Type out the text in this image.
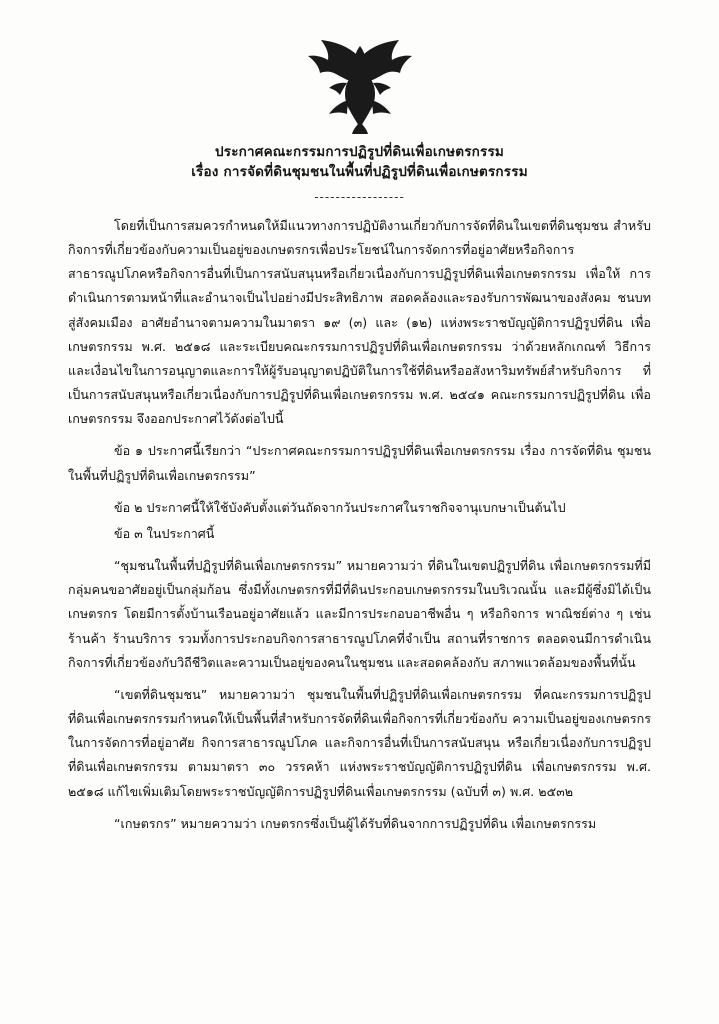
ประกาศคณะกรรมการปฏิรูปที่ดินเพื่อเกษตรกรรม
เรื่อง การจัดที่ดินชุมชนในพื้นที่ปฏิรูปที่ดินเพื่อเกษตรกรรม
-----------------

โดยที่เป็นการสมควรกำหนดให้มีแนวทางการปฏิบัติงานเกี่ยวกับการจัดที่ดินในเขตที่ดินชุมชน สำหรับกิจการที่เกี่ยวข้องกับความเป็นอยู่ของเกษตรกรเพื่อประโยชน์ในการจัดการที่อยู่อาศัยหรือกิจการ สาธารณูปโภคหรือกิจการอื่นที่เป็นการสนับสนุนหรือเกี่ยวเนื่องกับการปฏิรูปที่ดินเพื่อเกษตรกรรม เพื่อให้ การดำเนินการตามหน้าที่และอำนาจเป็นไปอย่างมีประสิทธิภาพ สอดคล้องและรองรับการพัฒนาของสังคม ชนบทสู่สังคมเมือง อาศัยอำนาจตามความในมาตรา ๑๙ (๓) และ (๑๒) แห่งพระราชบัญญัติการปฏิรูปที่ดิน เพื่อเกษตรกรรม พ.ศ. ๒๕๑๘ และระเบียบคณะกรรมการปฏิรูปที่ดินเพื่อเกษตรกรรม ว่าด้วยหลักเกณฑ์ วิธีการ และเงื่อนไขในการอนุญาตและการให้ผู้รับอนุญาตปฏิบัติในการใช้ที่ดินหรืออสังหาริมทรัพย์สำหรับกิจการ ที่เป็นการสนับสนุนหรือเกี่ยวเนื่องกับการปฏิรูปที่ดินเพื่อเกษตรกรรม พ.ศ. ๒๕๔๑ คณะกรรมการปฏิรูปที่ดิน เพื่อเกษตรกรรม จึงออกประกาศไว้ดังต่อไปนี้

ข้อ ๑ ประกาศนี้เรียกว่า “ประกาศคณะกรรมการปฏิรูปที่ดินเพื่อเกษตรกรรม เรื่อง การจัดที่ดิน ชุมชนในพื้นที่ปฏิรูปที่ดินเพื่อเกษตรกรรม”

ข้อ ๒ ประกาศนี้ให้ใช้บังคับตั้งแต่วันถัดจากวันประกาศในราชกิจจานุเบกษาเป็นต้นไป

ข้อ ๓ ในประกาศนี้

“ชุมชนในพื้นที่ปฏิรูปที่ดินเพื่อเกษตรกรรม” หมายความว่า ที่ดินในเขตปฏิรูปที่ดิน เพื่อเกษตรกรรมที่มีกลุ่มคนขอาศัยอยู่เป็นกลุ่มก้อน ซึ่งมีทั้งเกษตรกรที่มีที่ดินประกอบเกษตรกรรมในบริเวณนั้น และมีผู้ซึ่งมิได้เป็นเกษตรกร โดยมีการตั้งบ้านเรือนอยู่อาศัยแล้ว และมีการประกอบอาชีพอื่น ๆ หรือกิจการ พาณิชย์ต่าง ๆ เช่น ร้านค้า ร้านบริการ รวมทั้งการประกอบกิจการสาธารณูปโภคที่จำเป็น สถานที่ราชการ ตลอดจนมีการดำเนินกิจการที่เกี่ยวข้องกับวิถีชีวิตและความเป็นอยู่ของคนในชุมชน และสอดคล้องกับ สภาพแวดล้อมของพื้นที่นั้น

“เขตที่ดินชุมชน” หมายความว่า ชุมชนในพื้นที่ปฏิรูปที่ดินเพื่อเกษตรกรรม ที่คณะกรรมการปฏิรูปที่ดินเพื่อเกษตรกรรมกำหนดให้เป็นพื้นที่สำหรับการจัดที่ดินเพื่อกิจการที่เกี่ยวข้องกับ ความเป็นอยู่ของเกษตรกรในการจัดการที่อยู่อาศัย กิจการสาธารณูปโภค และกิจการอื่นที่เป็นการสนับสนุน หรือเกี่ยวเนื่องกับการปฏิรูปที่ดินเพื่อเกษตรกรรม ตามมาตรา ๓๐ วรรคห้า แห่งพระราชบัญญัติการปฏิรูปที่ดิน เพื่อเกษตรกรรม พ.ศ. ๒๕๑๘ แก้ไขเพิ่มเติมโดยพระราชบัญญัติการปฏิรูปที่ดินเพื่อเกษตรกรรม (ฉบับที่ ๓) พ.ศ. ๒๕๓๒

“เกษตรกร” หมายความว่า เกษตรกรซึ่งเป็นผู้ได้รับที่ดินจากการปฏิรูปที่ดิน เพื่อเกษตรกรรม
